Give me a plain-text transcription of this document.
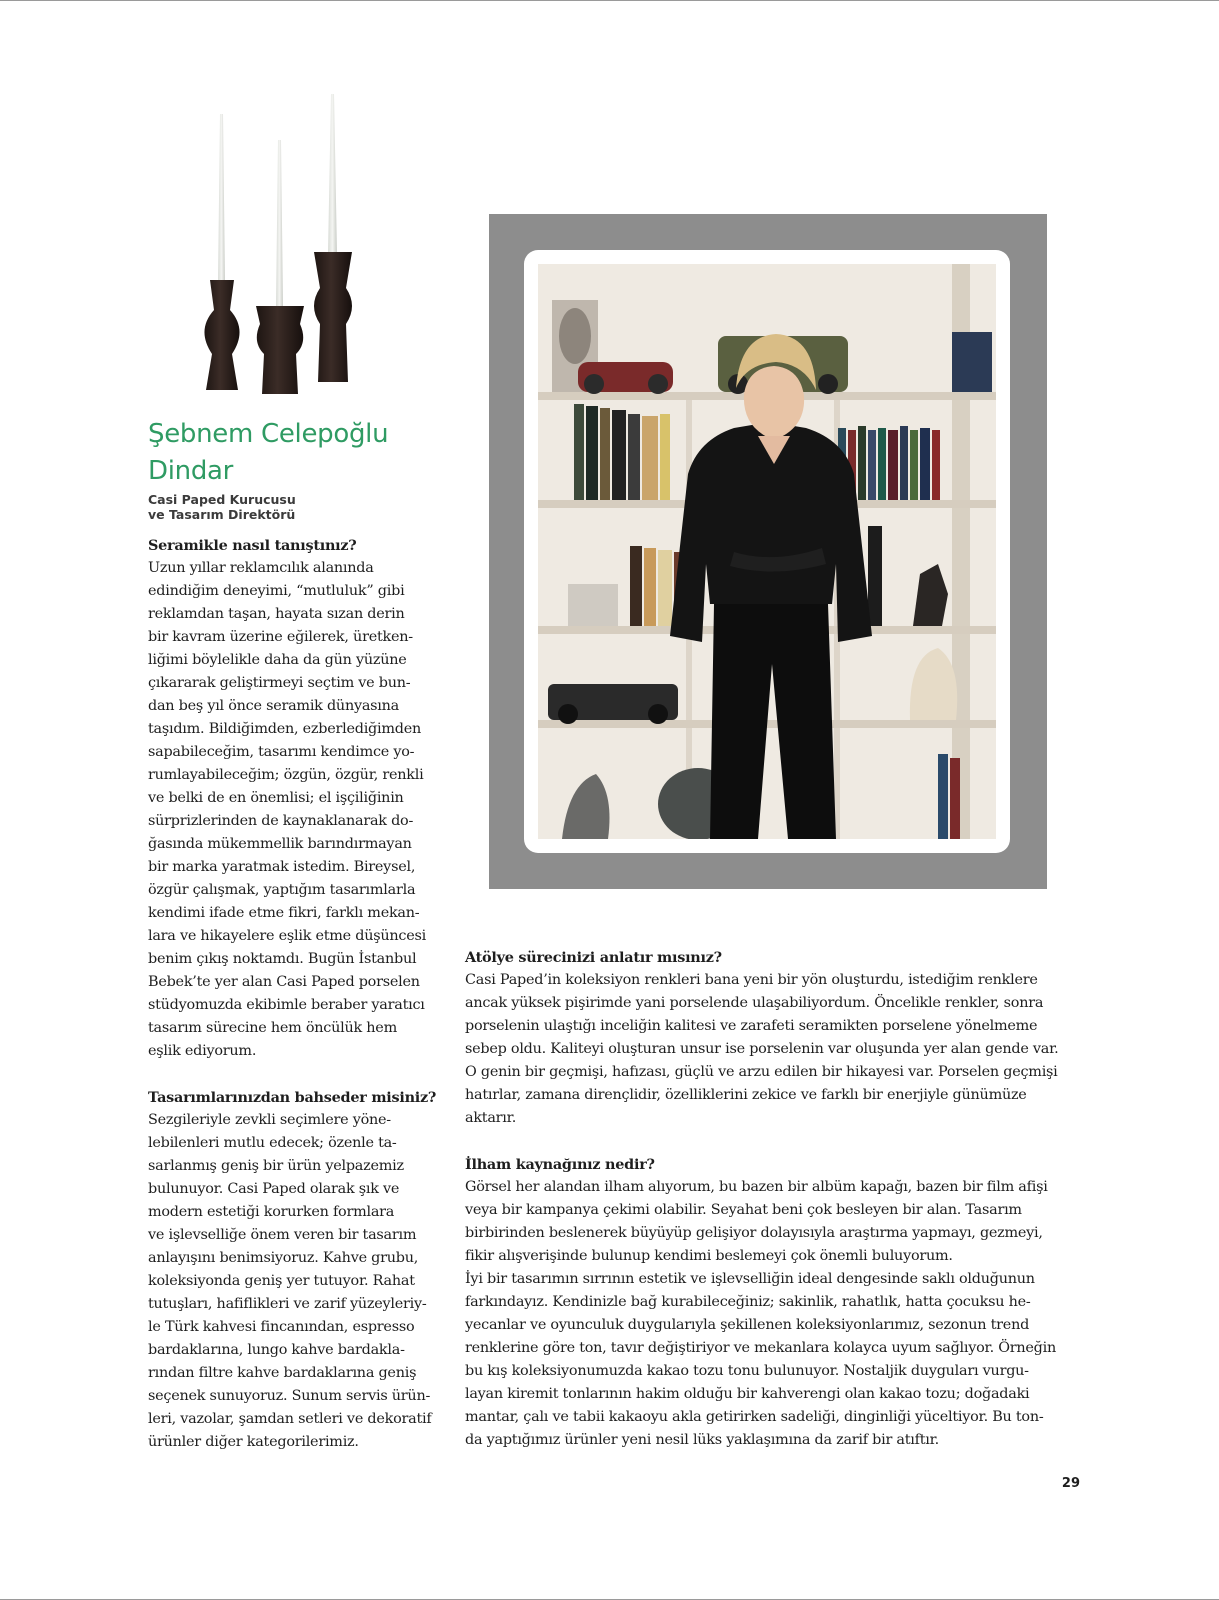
Şebnem Celepoğlu Dindar
Casi Paped Kurucusu
ve Tasarım Direktörü

Seramikle nasıl tanıştınız?

Uzun yıllar reklamcılık alanında
edindiğim deneyimi, “mutluluk” gibi
reklamdan taşan, hayata sızan derin
bir kavram üzerine eğilerek, üretken-
liğimi böylelikle daha da gün yüzüne
çıkararak geliştirmeyi seçtim ve bun-
dan beş yıl önce seramik dünyasına
taşıdım. Bildiğimden, ezberlediğimden
sapabileceğim, tasarımı kendimce yo-
rumlayabileceğim; özgün, özgür, renkli
ve belki de en önemlisi; el işçiliğinin
sürprizlerinden de kaynaklanarak do-
ğasında mükemmellik barındırmayan
bir marka yaratmak istedim. Bireysel,
özgür çalışmak, yaptığım tasarımlarla
kendimi ifade etme fikri, farklı mekan-
lara ve hikayelere eşlik etme düşüncesi
benim çıkış noktamdı. Bugün İstanbul
Bebek’te yer alan Casi Paped porselen
stüdyomuzda ekibimle beraber yaratıcı
tasarım sürecine hem öncülük hem
eşlik ediyorum.

Tasarımlarınızdan bahseder misiniz?

Sezgileriyle zevkli seçimlere yöne-
lebilenleri mutlu edecek; özenle ta-
sarlanmış geniş bir ürün yelpazemiz
bulunuyor. Casi Paped olarak şık ve
modern estetiği korurken formlara
ve işlevselliğe önem veren bir tasarım
anlayışını benimsiyoruz. Kahve grubu,
koleksiyonda geniş yer tutuyor. Rahat
tutuşları, hafiflikleri ve zarif yüzeyleriy-
le Türk kahvesi fincanından, espresso
bardaklarına, lungo kahve bardakla-
rından filtre kahve bardaklarına geniş
seçenek sunuyoruz. Sunum servis ürün-
leri, vazolar, şamdan setleri ve dekoratif
ürünler diğer kategorilerimiz.

Atölye sürecinizi anlatır mısınız?

Casi Paped’in koleksiyon renkleri bana yeni bir yön oluşturdu, istediğim renklere
ancak yüksek pişirimde yani porselende ulaşabiliyordum. Öncelikle renkler, sonra
porselenin ulaştığı inceliğin kalitesi ve zarafeti seramikten porselene yönelmeme
sebep oldu. Kaliteyi oluşturan unsur ise porselenin var oluşunda yer alan gende var.
O genin bir geçmişi, hafızası, güçlü ve arzu edilen bir hikayesi var. Porselen geçmişi
hatırlar, zamana dirençlidir, özelliklerini zekice ve farklı bir enerjiyle günümüze
aktarır.

İlham kaynağınız nedir?

Görsel her alandan ilham alıyorum, bu bazen bir albüm kapağı, bazen bir film afişi
veya bir kampanya çekimi olabilir. Seyahat beni çok besleyen bir alan. Tasarım
birbirinden beslenerek büyüyüp gelişiyor dolayısıyla araştırma yapmayı, gezmeyi,
fikir alışverişinde bulunup kendimi beslemeyi çok önemli buluyorum.
İyi bir tasarımın sırrının estetik ve işlevselliğin ideal dengesinde saklı olduğunun
farkındayız. Kendinizle bağ kurabileceğiniz; sakinlik, rahatlık, hatta çocuksu he-
yecanlar ve oyunculuk duygularıyla şekillenen koleksiyonlarımız, sezonun trend
renklerine göre ton, tavır değiştiriyor ve mekanlara kolayca uyum sağlıyor. Örneğin
bu kış koleksiyonumuzda kakao tozu tonu bulunuyor. Nostaljik duyguları vurgu-
layan kiremit tonlarının hakim olduğu bir kahverengi olan kakao tozu; doğadaki
mantar, çalı ve tabii kakaoyu akla getirirken sadeliği, dinginliği yüceltiyor. Bu ton-
da yaptığımız ürünler yeni nesil lüks yaklaşımına da zarif bir atıftır.
29
